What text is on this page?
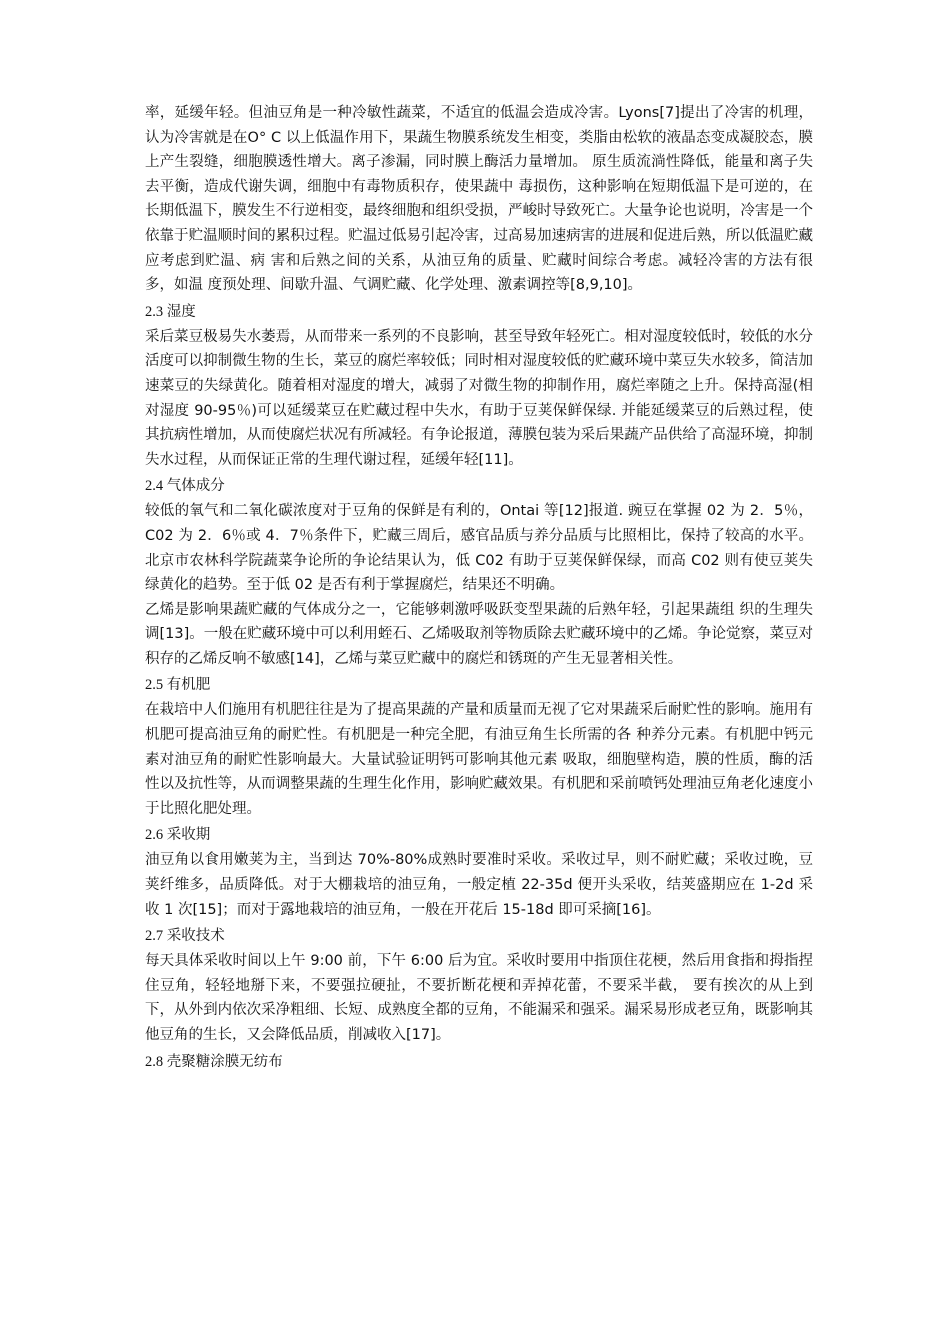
率，延缓年轻。但油豆角是一种冷敏性蔬菜，不适宜的低温会造成冷害。Lyons[7]提出了冷害的机理，认为冷害就是在O° C 以上低温作用下，果蔬生物膜系统发生相变，类脂由松软的液晶态变成凝胶态，膜上产生裂缝，细胞膜透性增大。离子渗漏，同时膜上酶活力量增加。 原生质流淌性降低，能量和离子失去平衡，造成代谢失调，细胞中有毒物质积存，使果蔬中 毒损伤，这种影响在短期低温下是可逆的，在长期低温下，膜发生不行逆相变，最终细胞和组织受损，严峻时导致死亡。大量争论也说明，冷害是一个依靠于贮温顺时间的累积过程。贮温过低易引起冷害，过高易加速病害的进展和促进后熟，所以低温贮藏应考虑到贮温、病 害和后熟之间的关系，从油豆角的质量、贮藏时间综合考虑。减轻冷害的方法有很多，如温 度预处理、间歇升温、气调贮藏、化学处理、激素调控等[8,9,10]。

2.3 湿度

采后菜豆极易失水萎焉，从而带来一系列的不良影响，甚至导致年轻死亡。相对湿度较低时，较低的水分活度可以抑制微生物的生长，菜豆的腐烂率较低；同时相对湿度较低的贮藏环境中菜豆失水较多，简洁加速菜豆的失绿黄化。随着相对湿度的增大，减弱了对微生物的抑制作用，腐烂率随之上升。保持高湿(相对湿度 90-95％)可以延缓菜豆在贮藏过程中失水，有助于豆荚保鲜保绿. 并能延缓菜豆的后熟过程，使其抗病性增加，从而使腐烂状况有所减轻。有争论报道，薄膜包装为采后果蔬产品供给了高湿环境，抑制失水过程，从而保证正常的生理代谢过程，延缓年轻[11]。

2.4 气体成分

较低的氧气和二氧化碳浓度对于豆角的保鲜是有利的，Ontai 等[12]报道. 豌豆在掌握 02 为 2．5％，C02 为 2．6％或 4．7％条件下，贮藏三周后，感官品质与养分品质与比照相比，保持了较高的水平。北京市农林科学院蔬菜争论所的争论结果认为，低 C02 有助于豆荚保鲜保绿，而高 C02 则有使豆荚失绿黄化的趋势。至于低 02 是否有利于掌握腐烂，结果还不明确。

乙烯是影响果蔬贮藏的气体成分之一，它能够刺激呼吸跃变型果蔬的后熟年轻，引起果蔬组 织的生理失调[13]。一般在贮藏环境中可以利用蛭石、乙烯吸取剂等物质除去贮藏环境中的乙烯。争论觉察，菜豆对积存的乙烯反响不敏感[14]，乙烯与菜豆贮藏中的腐烂和锈斑的产生无显著相关性。

2.5 有机肥

在栽培中人们施用有机肥往往是为了提高果蔬的产量和质量而无视了它对果蔬采后耐贮性的影响。施用有机肥可提高油豆角的耐贮性。有机肥是一种完全肥，有油豆角生长所需的各 种养分元素。有机肥中钙元素对油豆角的耐贮性影响最大。大量试验证明钙可影响其他元素 吸取，细胞壁构造，膜的性质，酶的活性以及抗性等，从而调整果蔬的生理生化作用，影响贮藏效果。有机肥和采前喷钙处理油豆角老化速度小于比照化肥处理。

2.6 采收期

油豆角以食用嫩荚为主，当到达 70%-80%成熟时要准时采收。采收过早，则不耐贮藏；采收过晚，豆荚纤维多，品质降低。对于大棚栽培的油豆角，一般定植 22-35d 便开头采收，结荚盛期应在 1-2d 采收 1 次[15]；而对于露地栽培的油豆角，一般在开花后 15-18d 即可采摘[16]。

2.7 采收技术

每天具体采收时间以上午 9:00 前，下午 6:00 后为宜。采收时要用中指顶住花梗，然后用食指和拇指捏住豆角，轻轻地掰下来，不要强拉硬扯，不要折断花梗和弄掉花蕾，不要采半截， 要有挨次的从上到下，从外到内依次采净粗细、长短、成熟度全都的豆角，不能漏采和强采。漏采易形成老豆角，既影响其他豆角的生长，又会降低品质，削减收入[17]。

2.8 壳聚糖涂膜无纺布
